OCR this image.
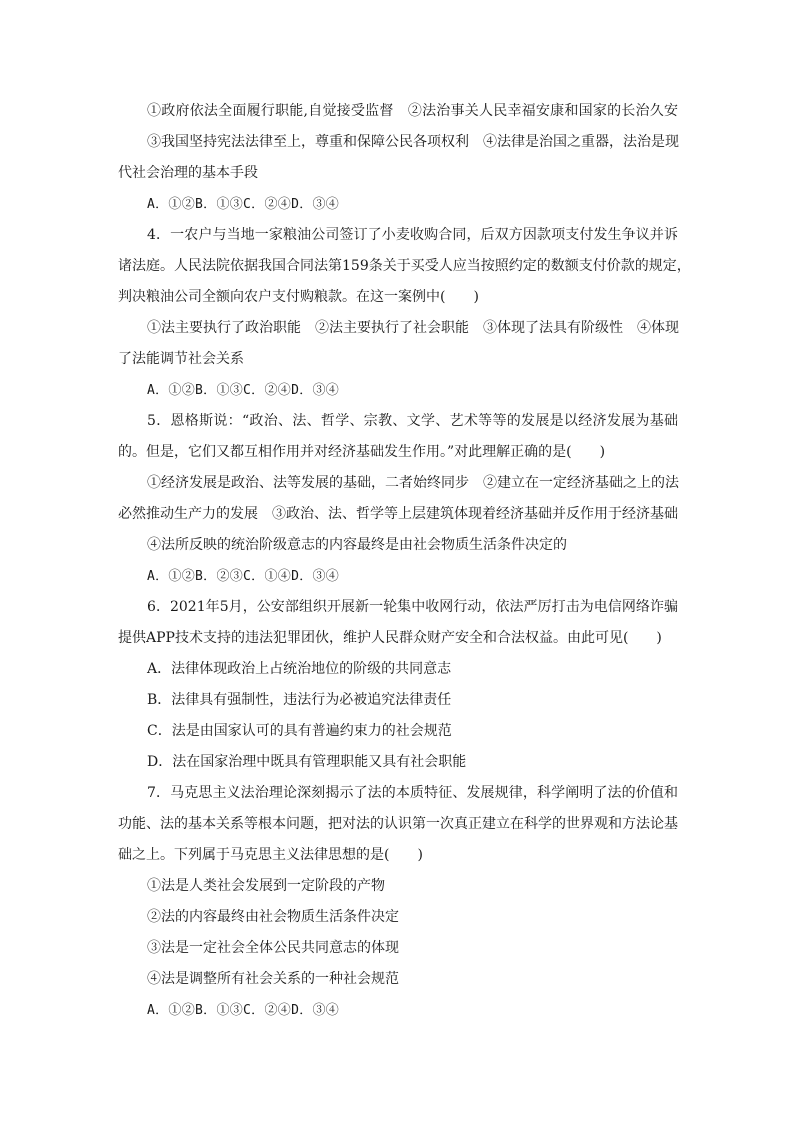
①政府依法全面履行职能,自觉接受监督　②法治事关人民幸福安康和国家的长治久安
③我国坚持宪法法律至上，尊重和保障公民各项权利　④法律是治国之重器，法治是现
代社会治理的基本手段
A．①②B．①③C．②④D．③④
4．一农户与当地一家粮油公司签订了小麦收购合同，后双方因款项支付发生争议并诉
诸法庭。人民法院依据我国合同法第159条关于买受人应当按照约定的数额支付价款的规定，
判决粮油公司全额向农户支付购粮款。在这一案例中(　　)
①法主要执行了政治职能　②法主要执行了社会职能　③体现了法具有阶级性　④体现
了法能调节社会关系
A．①②B．①③C．②④D．③④
5．恩格斯说：“政治、法、哲学、宗教、文学、艺术等等的发展是以经济发展为基础
的。但是，它们又都互相作用并对经济基础发生作用。”对此理解正确的是(　　)
①经济发展是政治、法等发展的基础，二者始终同步　②建立在一定经济基础之上的法
必然推动生产力的发展　③政治、法、哲学等上层建筑体现着经济基础并反作用于经济基础
④法所反映的统治阶级意志的内容最终是由社会物质生活条件决定的
A．①②B．②③C．①④D．③④
6．2021年5月，公安部组织开展新一轮集中收网行动，依法严厉打击为电信网络诈骗
提供APP技术支持的违法犯罪团伙，维护人民群众财产安全和合法权益。由此可见(　　)
A．法律体现政治上占统治地位的阶级的共同意志
B．法律具有强制性，违法行为必被追究法律责任
C．法是由国家认可的具有普遍约束力的社会规范
D．法在国家治理中既具有管理职能又具有社会职能
7．马克思主义法治理论深刻揭示了法的本质特征、发展规律，科学阐明了法的价值和
功能、法的基本关系等根本问题，把对法的认识第一次真正建立在科学的世界观和方法论基
础之上。下列属于马克思主义法律思想的是(　　)
①法是人类社会发展到一定阶段的产物
②法的内容最终由社会物质生活条件决定
③法是一定社会全体公民共同意志的体现
④法是调整所有社会关系的一种社会规范
A．①②B．①③C．②④D．③④
